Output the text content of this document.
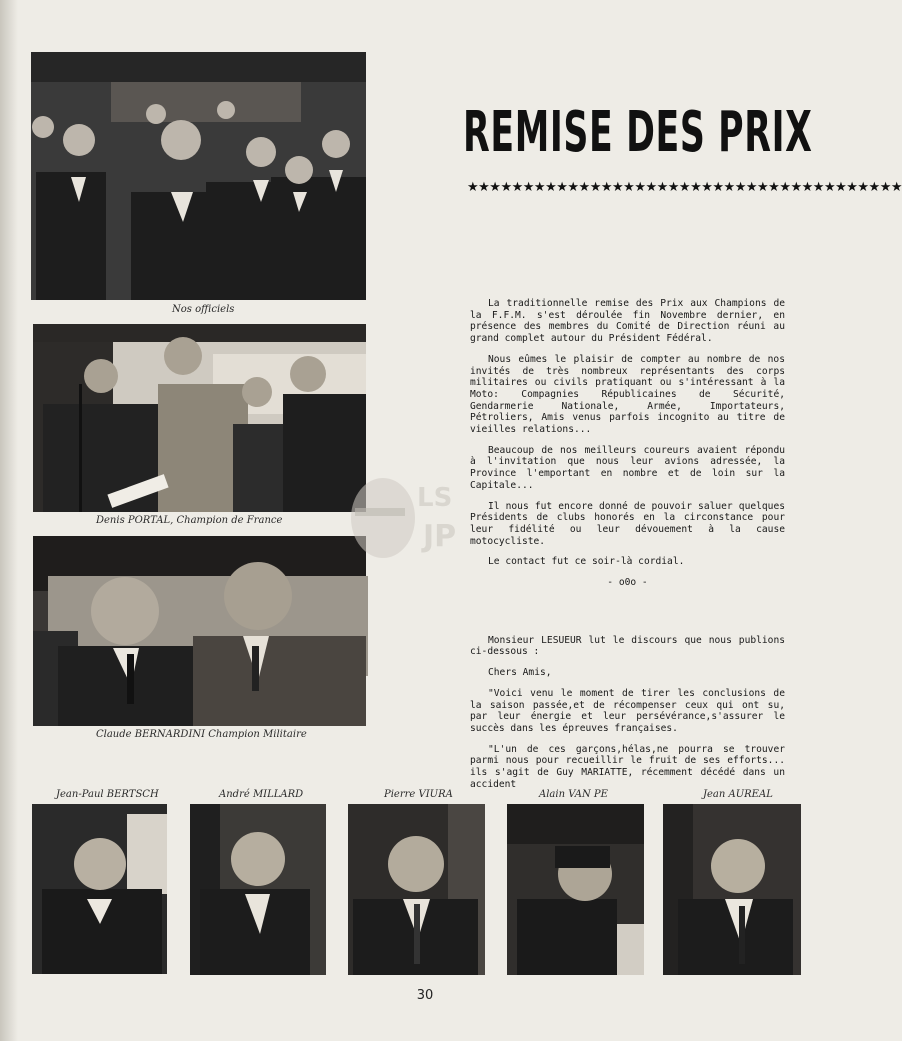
Nos officiels
Denis PORTAL, Champion de France
Claude BERNARDINI Champion Militaire
REMISE DES PRIX
★★★★★★★★★★★★★★★★★★★★★★★★★★★★★★★★★★★★★★★

La traditionnelle remise des Prix aux Champions de la F.F.M. s'est déroulée fin Novembre dernier, en présence des membres du Comité de Direction réuni au grand complet autour du Président Fédéral.

Nous eûmes le plaisir de compter au nombre de nos invités de très nombreux représentants des corps militaires ou civils pratiquant ou s'intéressant à la Moto: Compagnies Républicaines de Sécurité, Gendarmerie Nationale, Armée, Importateurs, Pétroliers, Amis venus parfois incognito au titre de vieilles relations...

Beaucoup de nos meilleurs coureurs avaient répondu à l'invitation que nous leur avions adressée, la Province l'emportant en nombre et de loin sur la Capitale...

Il nous fut encore donné de pouvoir saluer quelques Présidents de clubs honorés en la circonstance pour leur fidélité ou leur dévouement à la cause motocycliste.

Le contact fut ce soir-là cordial.

- o0o -

Monsieur LESUEUR lut le discours que nous publions ci-dessous :

Chers Amis,

"Voici venu le moment de tirer les conclusions de la saison passée,et de récompenser ceux qui ont su, par leur énergie et leur persévérance,s'assurer le succès dans les épreuves françaises.

"L'un de ces garçons,hélas,ne pourra se trouver parmi nous pour recueillir le fruit de ses efforts... ils s'agit de Guy MARIATTE, récemment décédé dans un accident

LS
JP
Jean-Paul BERTSCH	André MILLARD	Pierre VIURA	Alain VAN PE	Jean AUREAL
30
